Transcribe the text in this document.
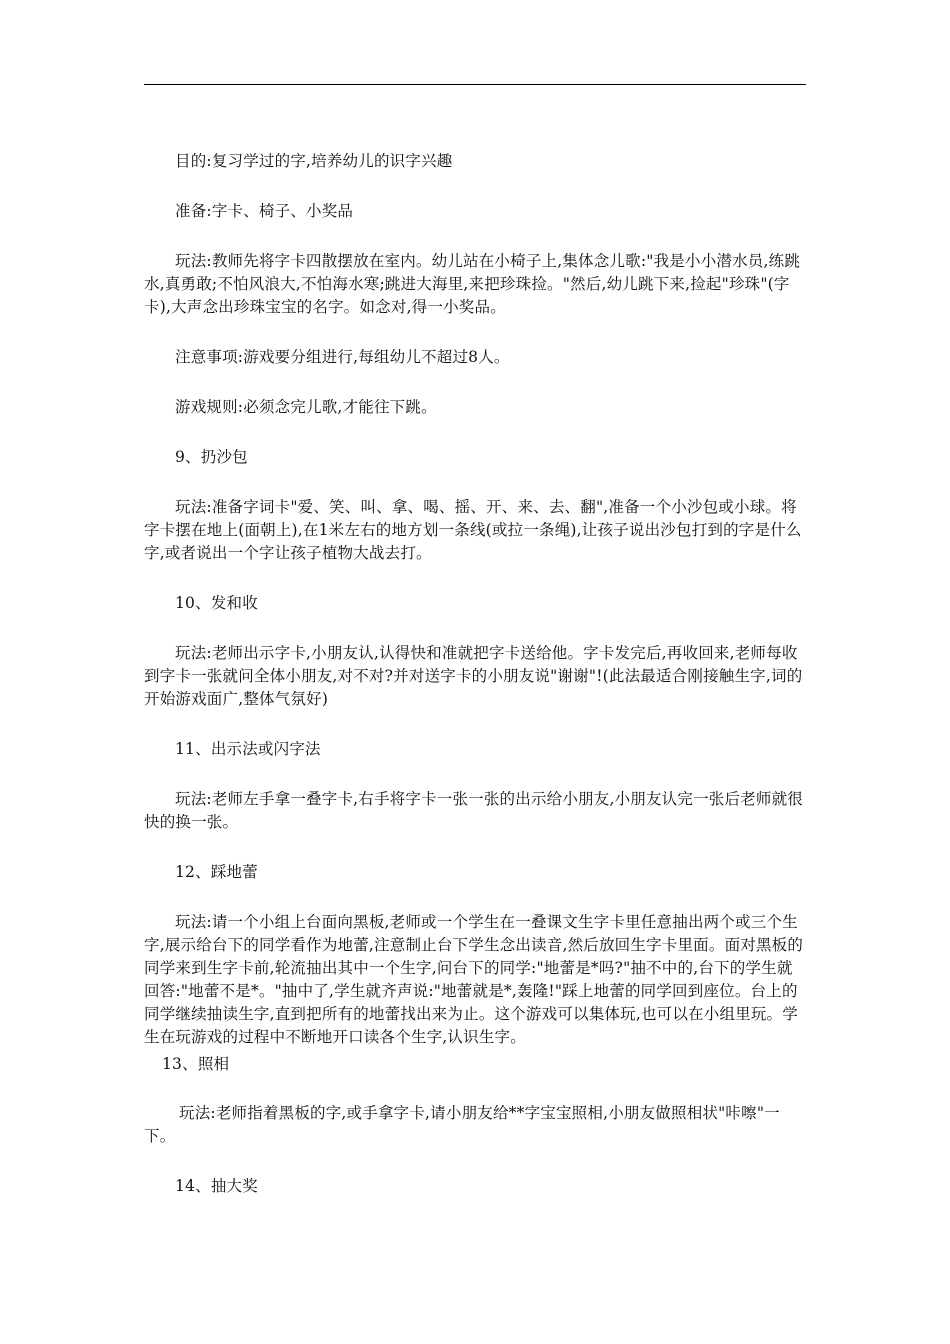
目的:复习学过的字,培养幼儿的识字兴趣

准备:字卡、椅子、小奖品

玩法:教师先将字卡四散摆放在室内。幼儿站在小椅子上,集体念儿歌:"我是小小潜水员,练跳水,真勇敢;不怕风浪大,不怕海水寒;跳进大海里,来把珍珠捡。"然后,幼儿跳下来,捡起"珍珠"(字卡),大声念出珍珠宝宝的名字。如念对,得一小奖品。

注意事项:游戏要分组进行,每组幼儿不超过8人。

游戏规则:必须念完儿歌,才能往下跳。

9、扔沙包

玩法:准备字词卡"爱、笑、叫、拿、喝、摇、开、来、去、翻",准备一个小沙包或小球。将字卡摆在地上(面朝上),在1米左右的地方划一条线(或拉一条绳),让孩子说出沙包打到的字是什么字,或者说出一个字让孩子植物大战去打。

10、发和收

玩法:老师出示字卡,小朋友认,认得快和准就把字卡送给他。字卡发完后,再收回来,老师每收到字卡一张就问全体小朋友,对不对?并对送字卡的小朋友说"谢谢"!(此法最适合刚接触生字,词的开始游戏面广,整体气氛好)

11、出示法或闪字法

玩法:老师左手拿一叠字卡,右手将字卡一张一张的出示给小朋友,小朋友认完一张后老师就很快的换一张。

12、踩地蕾

玩法:请一个小组上台面向黑板,老师或一个学生在一叠课文生字卡里任意抽出两个或三个生字,展示给台下的同学看作为地蕾,注意制止台下学生念出读音,然后放回生字卡里面。面对黑板的同学来到生字卡前,轮流抽出其中一个生字,问台下的同学:"地蕾是*吗?"抽不中的,台下的学生就回答:"地蕾不是*。"抽中了,学生就齐声说:"地蕾就是*,轰隆!"踩上地蕾的同学回到座位。台上的同学继续抽读生字,直到把所有的地蕾找出来为止。这个游戏可以集体玩,也可以在小组里玩。学生在玩游戏的过程中不断地开口读各个生字,认识生字。

13、照相

玩法:老师指着黑板的字,或手拿字卡,请小朋友给**字宝宝照相,小朋友做照相状"咔嚓"一下。

14、抽大奖
